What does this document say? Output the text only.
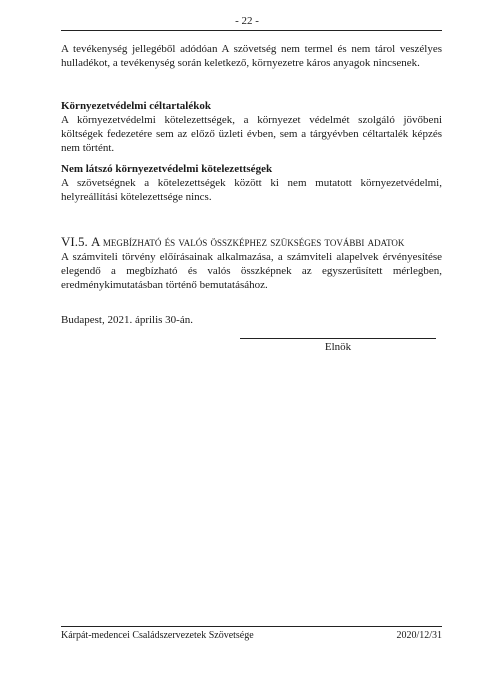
- 22 -
A tevékenység jellegéből adódóan A szövetség nem termel és nem tárol veszélyes hulladékot, a tevékenység során keletkező, környezetre káros anyagok nincsenek.
Környezetvédelmi céltartalékok
A környezetvédelmi kötelezettségek, a környezet védelmét szolgáló jövőbeni költségek fedezetére sem az előző üzleti évben, sem a tárgyévben céltartalék képzés nem történt.
Nem látszó környezetvédelmi kötelezettségek
A szövetségnek a kötelezettségek között ki nem mutatott környezetvédelmi, helyreállítási kötelezettsége nincs.
VI.5. A megbízható és valós összképhez szükséges további adatok
A számviteli törvény előírásainak alkalmazása, a számviteli alapelvek érvényesítése elegendő a megbízható és valós összképnek az egyszerűsített mérlegben, eredménykimutatásban történő bemutatásához.
Budapest, 2021. április 30-án.
Elnök
Kárpát-medencei Családszervezetek Szövetsége	2020/12/31
